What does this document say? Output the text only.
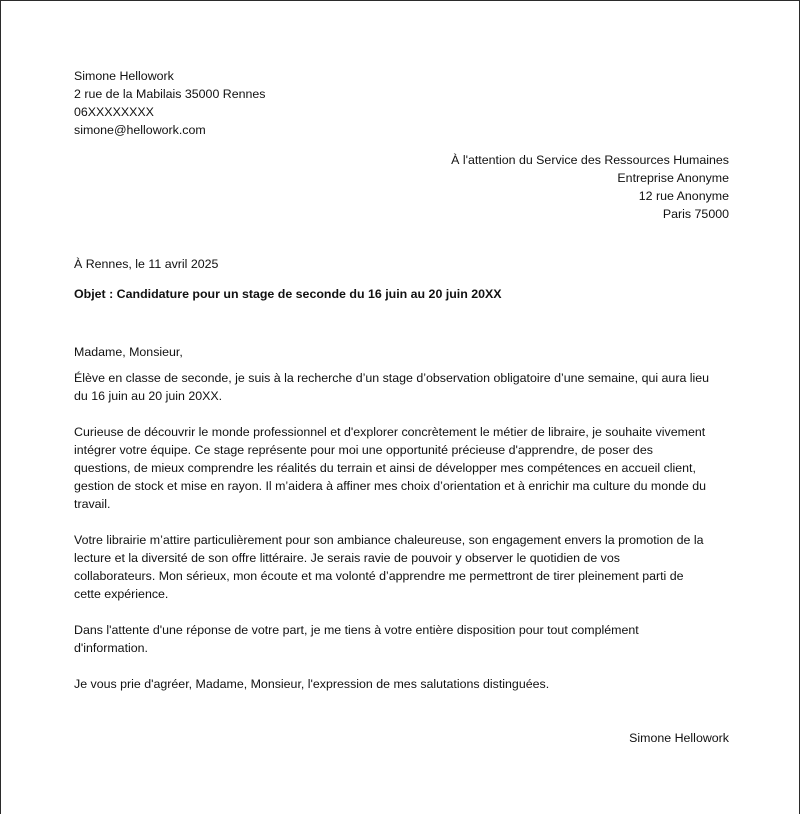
Simone Hellowork
2 rue de la Mabilais 35000 Rennes
06XXXXXXXX
simone@hellowork.com
À l'attention du Service des Ressources Humaines
Entreprise Anonyme
12 rue Anonyme
Paris 75000
À Rennes, le 11 avril 2025
Objet : Candidature pour un stage de seconde du 16 juin au 20 juin 20XX
Madame, Monsieur,
Élève en classe de seconde, je suis à la recherche d’un stage d’observation obligatoire d’une semaine, qui aura lieu
du 16 juin au 20 juin 20XX.
Curieuse de découvrir le monde professionnel et d'explorer concrètement le métier de libraire, je souhaite vivement
intégrer votre équipe. Ce stage représente pour moi une opportunité précieuse d'apprendre, de poser des
questions, de mieux comprendre les réalités du terrain et ainsi de développer mes compétences en accueil client,
gestion de stock et mise en rayon. Il m’aidera à affiner mes choix d’orientation et à enrichir ma culture du monde du
travail.
Votre librairie m’attire particulièrement pour son ambiance chaleureuse, son engagement envers la promotion de la
lecture et la diversité de son offre littéraire. Je serais ravie de pouvoir y observer le quotidien de vos
collaborateurs. Mon sérieux, mon écoute et ma volonté d’apprendre me permettront de tirer pleinement parti de
cette expérience.
Dans l'attente d'une réponse de votre part, je me tiens à votre entière disposition pour tout complément
d'information.
Je vous prie d'agréer, Madame, Monsieur, l'expression de mes salutations distinguées.
Simone Hellowork
